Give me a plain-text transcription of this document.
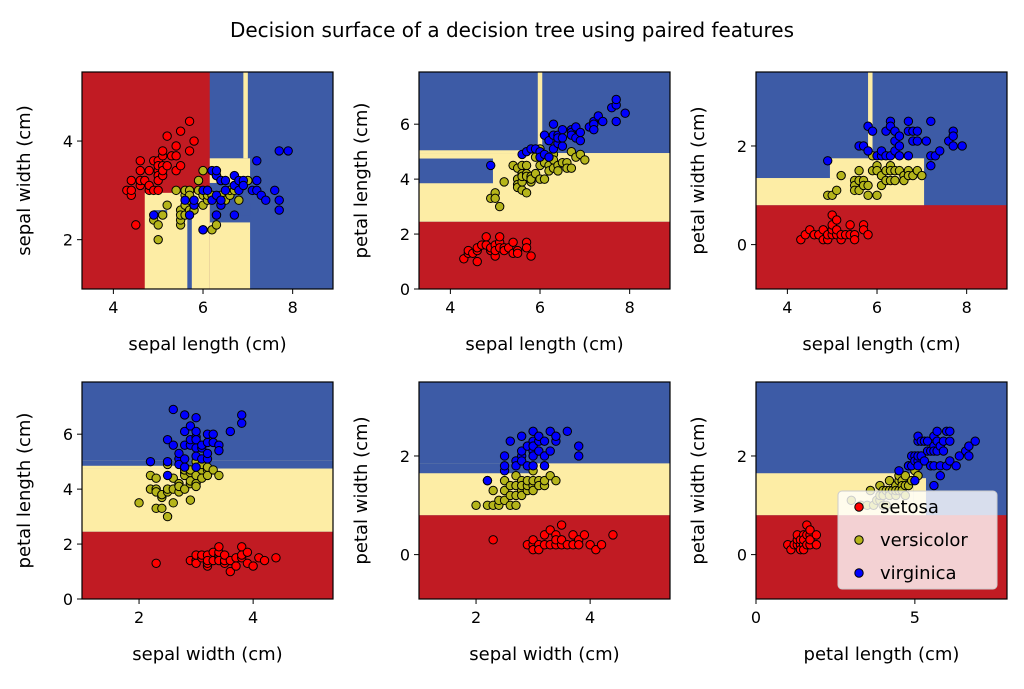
Decision surface of a decision tree using paired features
4	6	8
2
4
sepal length (cm)
sepal width (cm)
4	6	8
0
2
4
6
sepal length (cm)
petal length (cm)
4	6	8
0
2
sepal length (cm)
petal width (cm)
2	4
0
2
4
6
sepal width (cm)
petal length (cm)
2	4
0
2
sepal width (cm)
petal width (cm)
0	5
0
2
petal length (cm)
petal width (cm)	setosa
versicolor
virginica
